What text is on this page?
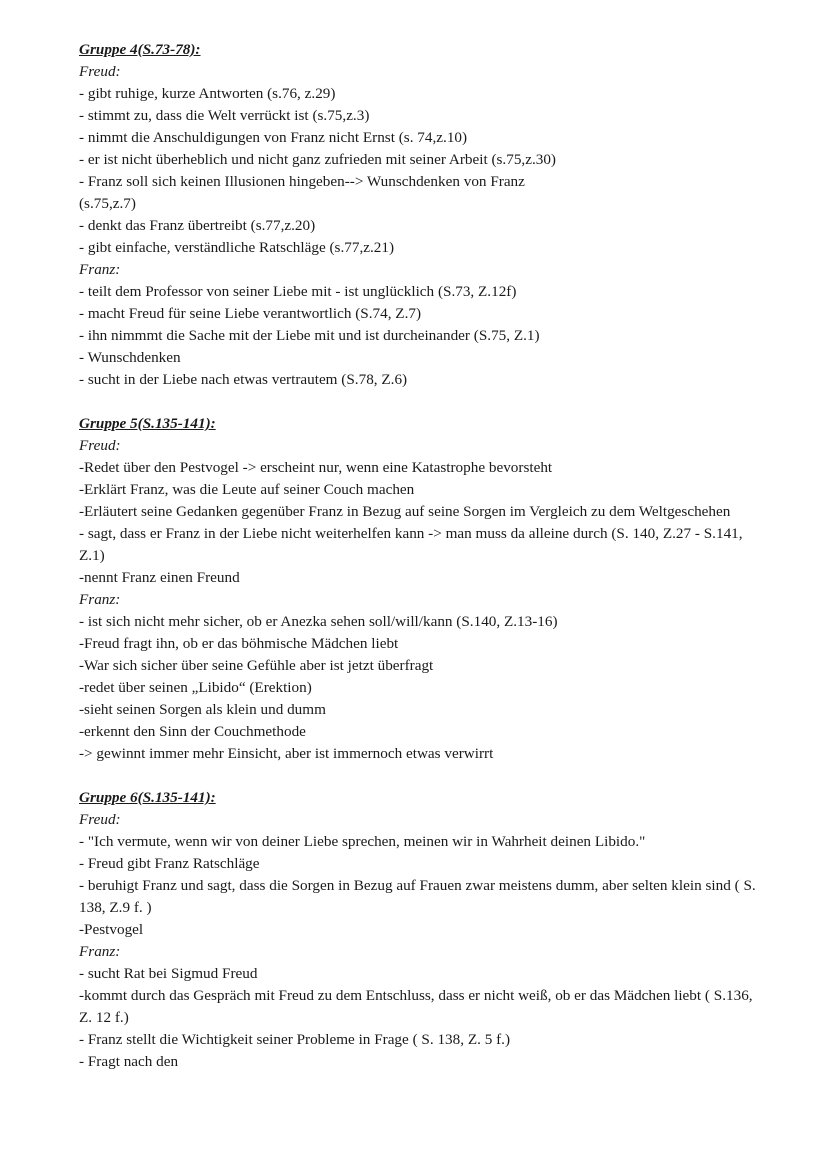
Gruppe 4(S.73-78):

Freud:

- gibt ruhige, kurze Antworten (s.76, z.29)
- stimmt zu, dass die Welt verrückt ist (s.75,z.3)
- nimmt die Anschuldigungen von Franz nicht Ernst (s. 74,z.10)
- er ist nicht überheblich und nicht ganz zufrieden mit seiner Arbeit (s.75,z.30)
- Franz soll sich keinen Illusionen hingeben--> Wunschdenken von Franz (s.75,z.7)
- denkt das Franz übertreibt (s.77,z.20)
- gibt einfache, verständliche Ratschläge (s.77,z.21)

Franz:

- teilt dem Professor von seiner Liebe mit - ist unglücklich (S.73, Z.12f)
- macht Freud für seine Liebe verantwortlich (S.74, Z.7)
- ihn nimmmt die Sache mit der Liebe mit und ist durcheinander (S.75, Z.1)
- Wunschdenken
- sucht in der Liebe nach etwas vertrautem (S.78, Z.6)

Gruppe 5(S.135-141):

Freud:

-Redet über den Pestvogel -> erscheint nur, wenn eine Katastrophe bevorsteht
-Erklärt Franz, was die Leute auf seiner Couch machen
-Erläutert seine Gedanken gegenüber Franz in Bezug auf seine Sorgen im Vergleich zu dem Weltgeschehen
- sagt, dass er Franz in der Liebe nicht weiterhelfen kann -> man muss da alleine durch (S. 140, Z.27 - S.141, Z.1)
-nennt Franz einen Freund

Franz:

- ist sich nicht mehr sicher, ob er Anezka sehen soll/will/kann (S.140, Z.13-16)
-Freud fragt ihn, ob er das böhmische Mädchen liebt
-War sich sicher über seine Gefühle aber ist jetzt überfragt
-redet über seinen „Libido“ (Erektion)
-sieht seinen Sorgen als klein und dumm
-erkennt den Sinn der Couchmethode
-> gewinnt immer mehr Einsicht, aber ist immernoch etwas verwirrt

Gruppe 6(S.135-141):

Freud:

- "Ich vermute, wenn wir von deiner Liebe sprechen, meinen wir in Wahrheit deinen Libido."
- Freud gibt Franz Ratschläge
- beruhigt Franz und sagt, dass die Sorgen in Bezug auf Frauen zwar meistens dumm, aber selten klein sind ( S. 138, Z.9 f. )
-Pestvogel

Franz:

- sucht Rat bei Sigmud Freud
-kommt durch das Gespräch mit Freud zu dem Entschluss, dass er nicht weiß, ob er das Mädchen liebt ( S.136, Z. 12 f.)
- Franz stellt die Wichtigkeit seiner Probleme in Frage ( S. 138, Z. 5 f.)
- Fragt nach den
